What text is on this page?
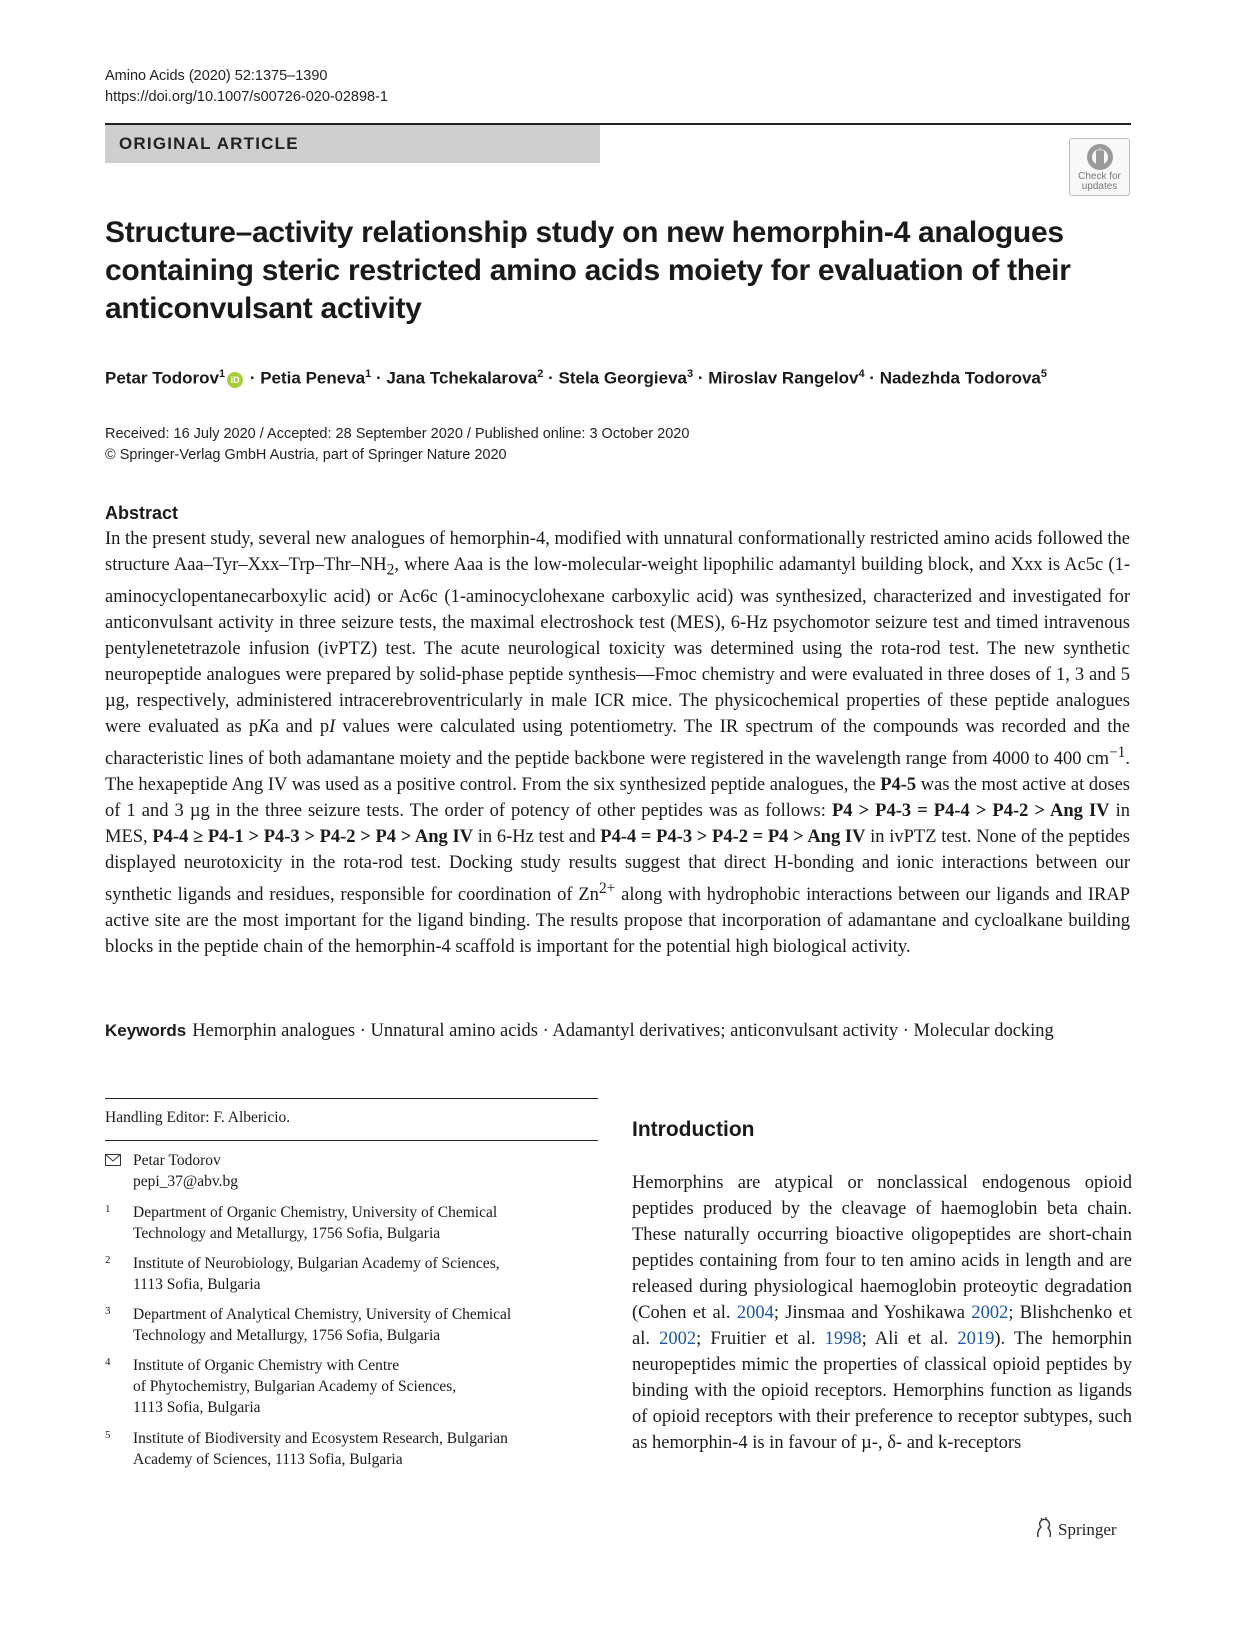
Amino Acids (2020) 52:1375–1390
https://doi.org/10.1007/s00726-020-02898-1
ORIGINAL ARTICLE
Check for
updates
Structure–activity relationship study on new hemorphin-4 analogues
containing steric restricted amino acids moiety for evaluation of their
anticonvulsant activity
Petar Todorov$^1$ iD · Petia Peneva$^1$ · Jana Tchekalarova$^2$ · Stela Georgieva$^3$ · Miroslav Rangelov$^4$ · Nadezhda Todorova$^5$
Received: 16 July 2020 / Accepted: 28 September 2020 / Published online: 3 October 2020
© Springer-Verlag GmbH Austria, part of Springer Nature 2020
Abstract
In the present study, several new analogues of hemorphin-4, modified with unnatural conformationally restricted amino acids followed the structure Aaa–$Tyr-Xxx-Trp-Thr-NH_2$, where Aaa is the low-molecular-weight lipophilic adamantyl building block, and Xxx is Ac5c (1-aminocyclopentanecarboxylic acid) or Ac6c (1-aminocyclohexane carboxylic acid) was synthesized, characterized and investigated for anticonvulsant activity in three seizure tests, the maximal electroshock test (MES), 6-Hz psychomotor seizure test and timed intravenous pentylenetetrazole infusion (ivPTZ) test. The acute neurological toxicity was determined using the rota-rod test. The new synthetic neuropeptide analogues were prepared by solid-phase peptide synthesis—Fmoc chemistry and were evaluated in three doses of 1, 3 and 5 µg, respectively, administered intracerebroventricularly in male ICR mice. The physicochemical properties of these peptide analogues were evaluated as pKa and pI values were calculated using potentiometry. The IR spectrum of the compounds was recorded and the characteristic lines of both adamantane moiety and the peptide backbone were registered in the wavelength range from 4000 to 400 $cm^{-1}$. The hexapeptide Ang IV was used as a positive control. From the six synthesized peptide analogues, the P4-5 was the most active at doses of 1 and 3 µg in the three seizure tests. The order of potency of other peptides was as follows: P4 > P4-3 = P4-4 > P4-2 > Ang IV in MES, P4-4 ≥ P4-1 > P4-3 > P4-2 > P4 > Ang IV in 6-Hz test and P4-4 = P4-3 > P4-2 = P4 > Ang IV in ivPTZ test. None of the peptides displayed neurotoxicity in the rota-rod test. Docking study results suggest that direct H-bonding and ionic interactions between our synthetic ligands and residues, responsible for coordination of $Zn^{2+}$ along with hydrophobic interactions between our ligands and IRAP active site are the most important for the ligand binding. The results propose that incorporation of adamantane and cycloalkane building blocks in the peptide chain of the hemorphin-4 scaffold is important for the potential high biological activity.
Keywords Hemorphin analogues · Unnatural amino acids · Adamantyl derivatives; anticonvulsant activity · Molecular docking
Handling Editor: F. Albericio.
Petar Todorov
pepi_37@abv.bg
1 Department of Organic Chemistry, University of Chemical
Technology and Metallurgy, 1756 Sofia, Bulgaria
2 Institute of Neurobiology, Bulgarian Academy of Sciences,
1113 Sofia, Bulgaria
3 Department of Analytical Chemistry, University of Chemical
Technology and Metallurgy, 1756 Sofia, Bulgaria
4 Institute of Organic Chemistry with Centre
of Phytochemistry, Bulgarian Academy of Sciences,
1113 Sofia, Bulgaria
5 Institute of Biodiversity and Ecosystem Research, Bulgarian
Academy of Sciences, 1113 Sofia, Bulgaria
Introduction
Hemorphins are atypical or nonclassical endogenous opioid peptides produced by the cleavage of haemoglobin beta chain. These naturally occurring bioactive oligopeptides are short-chain peptides containing from four to ten amino acids in length and are released during physiological haemoglobin proteoytic degradation (Cohen et al. 2004; Jinsmaa and Yoshikawa 2002; Blishchenko et al. 2002; Fruitier et al. 1998; Ali et al. 2019). The hemorphin neuropeptides mimic the properties of classical opioid peptides by binding with the opioid receptors. Hemorphins function as ligands of opioid receptors with their preference to receptor subtypes, such as hemorphin-4 is in favour of µ-, δ- and k-receptors
Springer
